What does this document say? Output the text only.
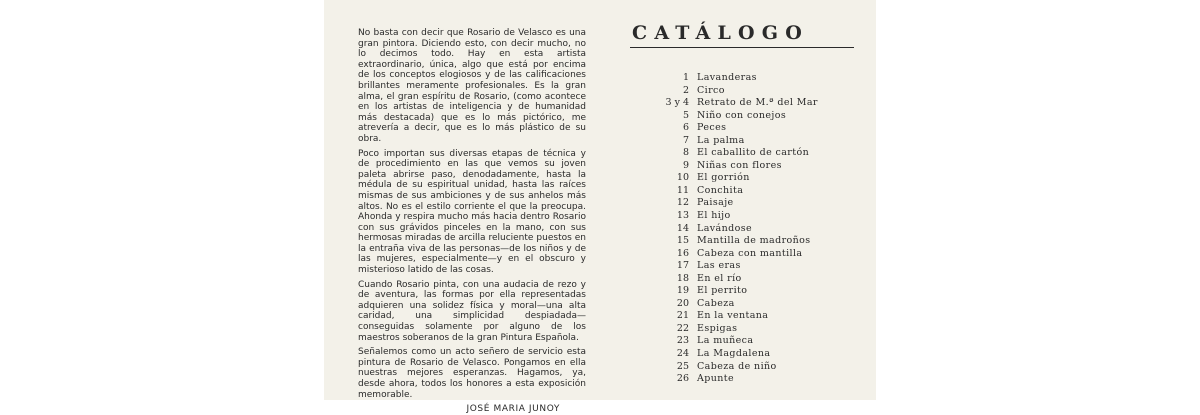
No basta con decir que Rosario de Velasco es una gran pintora. Diciendo esto, con decir mucho, no lo decimos todo. Hay en esta artista extraordinario, única, algo que está por encima de los conceptos elogiosos y de las calificaciones brillantes meramente profesionales. Es la gran alma, el gran espíritu de Rosario, (como acontece en los artistas de inteligencia y de humanidad más destacada) que es lo más pictórico, me atrevería a decir, que es lo más plástico de su obra.

Poco importan sus diversas etapas de técnica y de procedimiento en las que vemos su joven paleta abrirse paso, denodadamente, hasta la médula de su espiritual unidad, hasta las raíces mismas de sus ambiciones y de sus anhelos más altos. No es el estilo corriente el que la preocupa. Ahonda y respira mucho más hacia dentro Rosario con sus grávidos pinceles en la mano, con sus hermosas miradas de arcilla reluciente puestos en la entraña viva de las personas—de los niños y de las mujeres, especialmente—y en el obscuro y misterioso latido de las cosas.

Cuando Rosario pinta, con una audacia de rezo y de aventura, las formas por ella representadas adquieren una solidez física y moral—una alta caridad, una simplicidad despiadada—conseguidas solamente por alguno de los maestros soberanos de la gran Pintura Española.

Señalemos como un acto señero de servicio esta pintura de Rosario de Velasco. Pongamos en ella nuestras mejores esperanzas. Hagamos, ya, desde ahora, todos los honores a esta exposición memorable.

JOSÉ MARIA JUNOY
CATÁLOGO
1 Lavanderas
2 Circo
3 y 4 Retrato de M.ª del Mar
5 Niño con conejos
6 Peces
7 La palma
8 El caballito de cartón
9 Niñas con flores
10 El gorrión
11 Conchita
12 Paisaje
13 El hijo
14 Lavándose
15 Mantilla de madroños
16 Cabeza con mantilla
17 Las eras
18 En el río
19 El perrito
20 Cabeza
21 En la ventana
22 Espigas
23 La muñeca
24 La Magdalena
25 Cabeza de niño
26 Apunte
